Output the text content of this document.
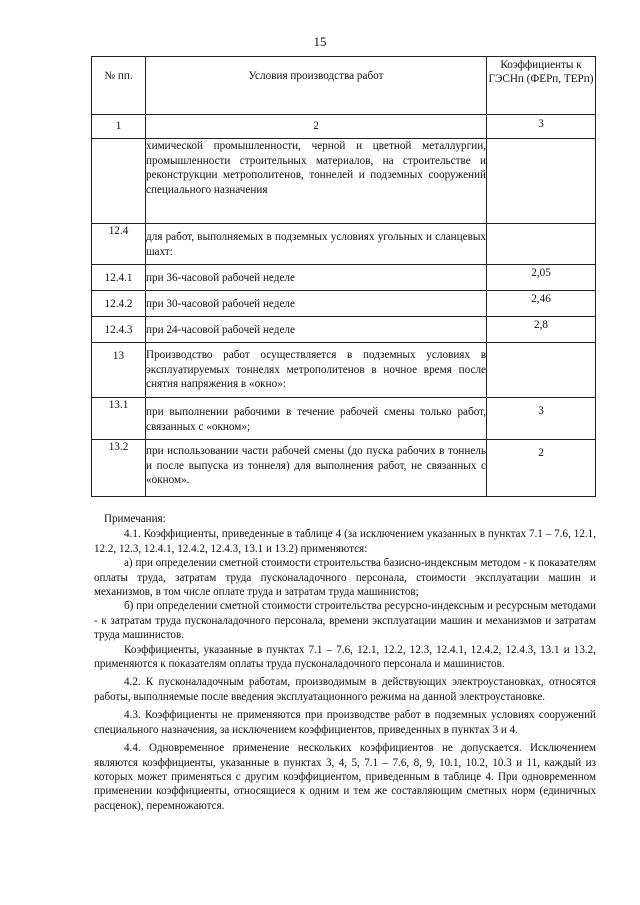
15
№ пп.	Условия производства работ	Коэффициенты к ГЭСНп (ФЕРп, ТЕРп)
1	2	3
	химической промышленности, черной и цветной металлургии, промышленности строительных материалов, на строительстве и реконструкции метрополитенов, тоннелей и подземных сооружений специального назначения	
12.4	для работ, выполняемых в подземных условиях угольных и сланцевых шахт:	
12.4.1	при 36-часовой рабочей неделе	2,05
12.4.2	при 30-часовой рабочей неделе	2,46
12.4.3	при 24-часовой рабочей неделе	2,8
13	Производство работ осуществляется в подземных условиях в эксплуатируемых тоннелях метрополитенов в ночное время после снятия напряжения в «окно»:	
13.1	при выполнении рабочими в течение рабочей смены только работ, связанных с «окном»;	3
13.2	при использовании части рабочей смены (до пуска рабочих в тоннель и после выпуска из тоннеля) для выполнения работ, не связанных с «окном».	2

Примечания:

4.1. Коэффициенты, приведенные в таблице 4 (за исключением указанных в пунктах 7.1 – 7.6, 12.1, 12.2, 12.3, 12.4.1, 12.4.2, 12.4.3, 13.1 и 13.2) применяются:

а) при определении сметной стоимости строительства базисно-индексным методом - к показателям оплаты труда, затратам труда пусконаладочного персонала, стоимости эксплуатации машин и механизмов, в том числе оплате труда и затратам труда машинистов;

б) при определении сметной стоимости строительства ресурсно-индексным и ресурсным методами - к затратам труда пусконаладочного персонала, времени эксплуатации машин и механизмов и затратам труда машинистов.

Коэффициенты, указанные в пунктах 7.1 – 7.6, 12.1, 12.2, 12.3, 12.4.1, 12.4.2, 12.4.3, 13.1 и 13.2, применяются к показателям оплаты труда пусконаладочного персонала и машинистов.

4.2. К пусконаладочным работам, производимым в действующих электроустановках, относятся работы, выполняемые после введения эксплуатационного режима на данной электроустановке.

4.3. Коэффициенты не применяются при производстве работ в подземных условиях сооружений специального назначения, за исключением коэффициентов, приведенных в пунктах 3 и 4.

4.4. Одновременное применение нескольких коэффициентов не допускается. Исключением являются коэффициенты, указанные в пунктах 3, 4, 5, 7.1 – 7.6, 8, 9, 10.1, 10.2, 10.3 и 11, каждый из которых может применяться с другим коэффициентом, приведенным в таблице 4. При одновременном применении коэффициенты, относящиеся к одним и тем же составляющим сметных норм (единичных расценок), перемножаются.
